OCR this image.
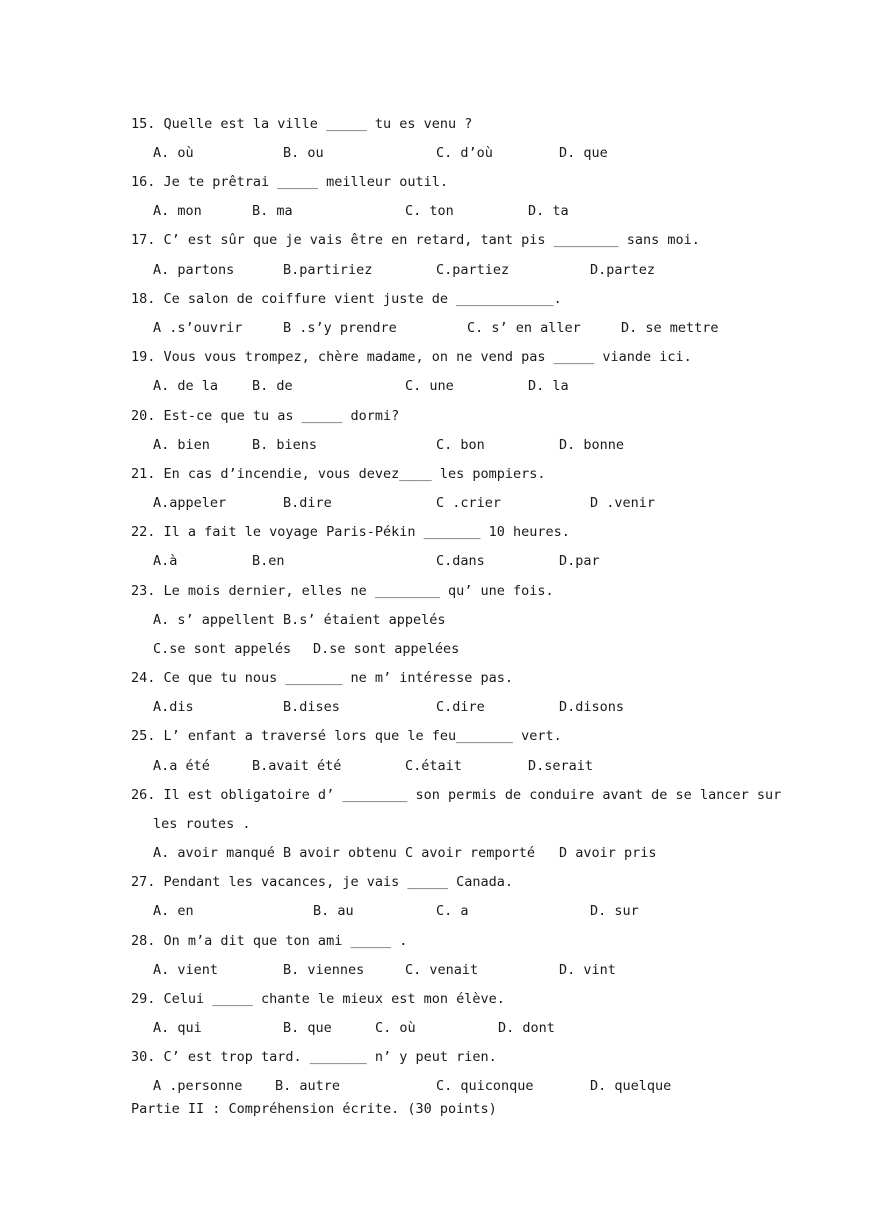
15. Quelle est la ville _____ tu es venu ?
A. où	B. ou	C. d’où	D. que
16. Je te prêtrai _____ meilleur outil.
A. mon	B. ma	C. ton	D. ta
17. C’ est sûr que je vais être en retard, tant pis ________ sans moi.
A. partons	B.partiriez	C.partiez	D.partez
18. Ce salon de coiffure vient juste de ____________.
A .s’ouvrir	B .s’y prendre	C. s’ en aller	D. se mettre
19. Vous vous trompez, chère madame, on ne vend pas _____ viande ici.
A. de la	B. de	C. une	D. la
20. Est-ce que tu as _____ dormi?
A. bien	B. biens	C. bon	D. bonne
21. En cas d’incendie, vous devez____ les pompiers.
A.appeler	B.dire	C .crier	D .venir
22. Il a fait le voyage Paris-Pékin _______ 10 heures.
A.à	B.en	C.dans	D.par
23. Le mois dernier, elles ne ________ qu’ une fois.
A. s’ appellent B.s’ étaient appelés
C.se sont appelés D.se sont appelées
24. Ce que tu nous _______ ne m’ intéresse pas.
A.dis	B.dises	C.dire	D.disons
25. L’ enfant a traversé lors que le feu_______ vert.
A.a été	B.avait été	C.était	D.serait
26. Il est obligatoire d’ ________ son permis de conduire avant de se lancer sur
les routes .
A. avoir manqué B avoir obtenu C avoir remporté D avoir pris
27. Pendant les vacances, je vais _____ Canada.
A. en	B. au	C. a	D. sur
28. On m’a dit que ton ami _____ .
A. vient	B. viennes	C. venait	D. vint
29. Celui _____ chante le mieux est mon élève.
A. qui	B. que	C. où	D. dont
30. C’ est trop tard. _______ n’ y peut rien.
A .personne B. autre	C. quiconque	D. quelque
Partie II : Compréhension écrite. (30 points)
